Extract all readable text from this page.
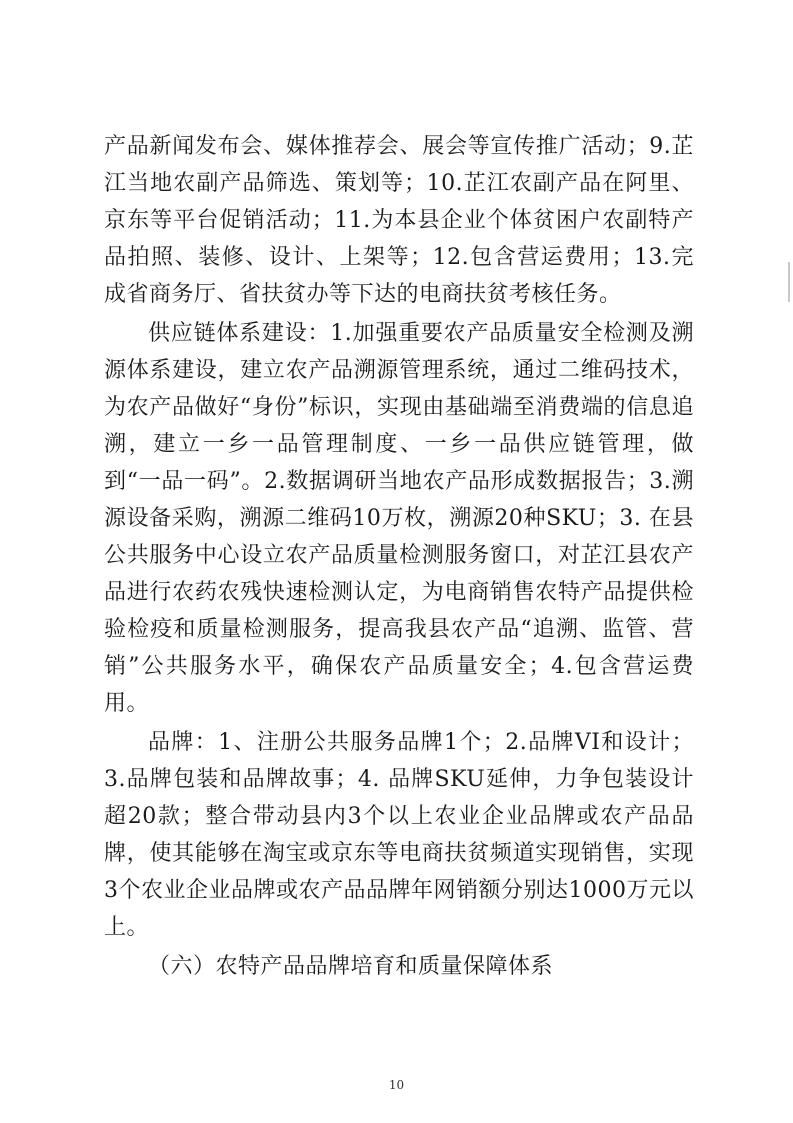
产品新闻发布会、媒体推荐会、展会等宣传推广活动；9.芷江当地农副产品筛选、策划等；10.芷江农副产品在阿里、京东等平台促销活动；11.为本县企业个体贫困户农副特产品拍照、装修、设计、上架等；12.包含营运费用；13.完成省商务厅、省扶贫办等下达的电商扶贫考核任务。

供应链体系建设：1.加强重要农产品质量安全检测及溯源体系建设，建立农产品溯源管理系统，通过二维码技术，为农产品做好“身份”标识，实现由基础端至消费端的信息追溯，建立一乡一品管理制度、一乡一品供应链管理，做到“一品一码”。2.数据调研当地农产品形成数据报告；3.溯源设备采购，溯源二维码10万枚，溯源20种SKU；3. 在县公共服务中心设立农产品质量检测服务窗口，对芷江县农产品进行农药农残快速检测认定，为电商销售农特产品提供检验检疫和质量检测服务，提高我县农产品“追溯、监管、营销”公共服务水平，确保农产品质量安全；4.包含营运费用。

品牌：1、注册公共服务品牌1个；2.品牌VI和设计；3.品牌包装和品牌故事；4. 品牌SKU延伸，力争包装设计超20款；整合带动县内3个以上农业企业品牌或农产品品牌，使其能够在淘宝或京东等电商扶贫频道实现销售，实现3个农业企业品牌或农产品品牌年网销额分别达1000万元以上。

（六）农特产品品牌培育和质量保障体系

10
